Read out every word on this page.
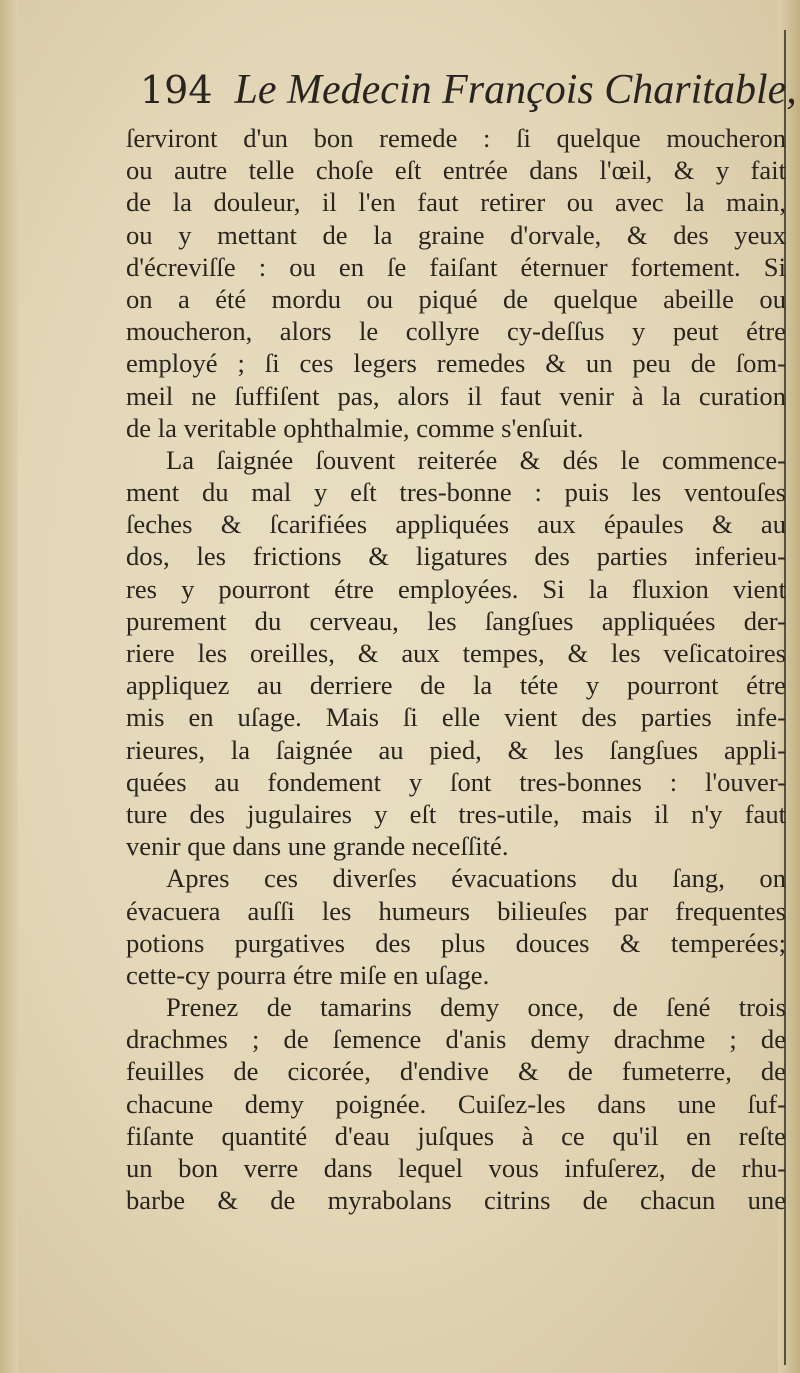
194 Le Medecin François Charitable,
ſerviront d'un bon remede : ſi quelque moucheron
ou autre telle choſe eſt entrée dans l'œil, & y fait
de la douleur, il l'en faut retirer ou avec la main,
ou y mettant de la graine d'orvale, & des yeux
d'écreviſſe : ou en ſe faiſant éternuer fortement. Si
on a été mordu ou piqué de quelque abeille ou
moucheron, alors le collyre cy-deſſus y peut étre
employé ; ſi ces legers remedes & un peu de ſom-
meil ne ſuffiſent pas, alors il faut venir à la curation
de la veritable ophthalmie, comme s'enſuit.
La ſaignée ſouvent reiterée & dés le commence-
ment du mal y eſt tres-bonne : puis les ventouſes
ſeches & ſcarifiées appliquées aux épaules & au
dos, les frictions & ligatures des parties inferieu-
res y pourront étre employées. Si la fluxion vient
purement du cerveau, les ſangſues appliquées der-
riere les oreilles, & aux tempes, & les veſicatoires
appliquez au derriere de la téte y pourront étre
mis en uſage. Mais ſi elle vient des parties infe-
rieures, la ſaignée au pied, & les ſangſues appli-
quées au fondement y ſont tres-bonnes : l'ouver-
ture des jugulaires y eſt tres-utile, mais il n'y faut
venir que dans une grande neceſſité.
Apres ces diverſes évacuations du ſang, on
évacuera auſſi les humeurs bilieuſes par frequentes
potions purgatives des plus douces & temperées;
cette-cy pourra étre miſe en uſage.
Prenez de tamarins demy once, de ſené trois
drachmes ; de ſemence d'anis demy drachme ; de
feuilles de cicorée, d'endive & de fumeterre, de
chacune demy poignée. Cuiſez-les dans une ſuf-
fiſante quantité d'eau juſques à ce qu'il en reſte
un bon verre dans lequel vous infuſerez, de rhu-
barbe & de myrabolans citrins de chacun une
